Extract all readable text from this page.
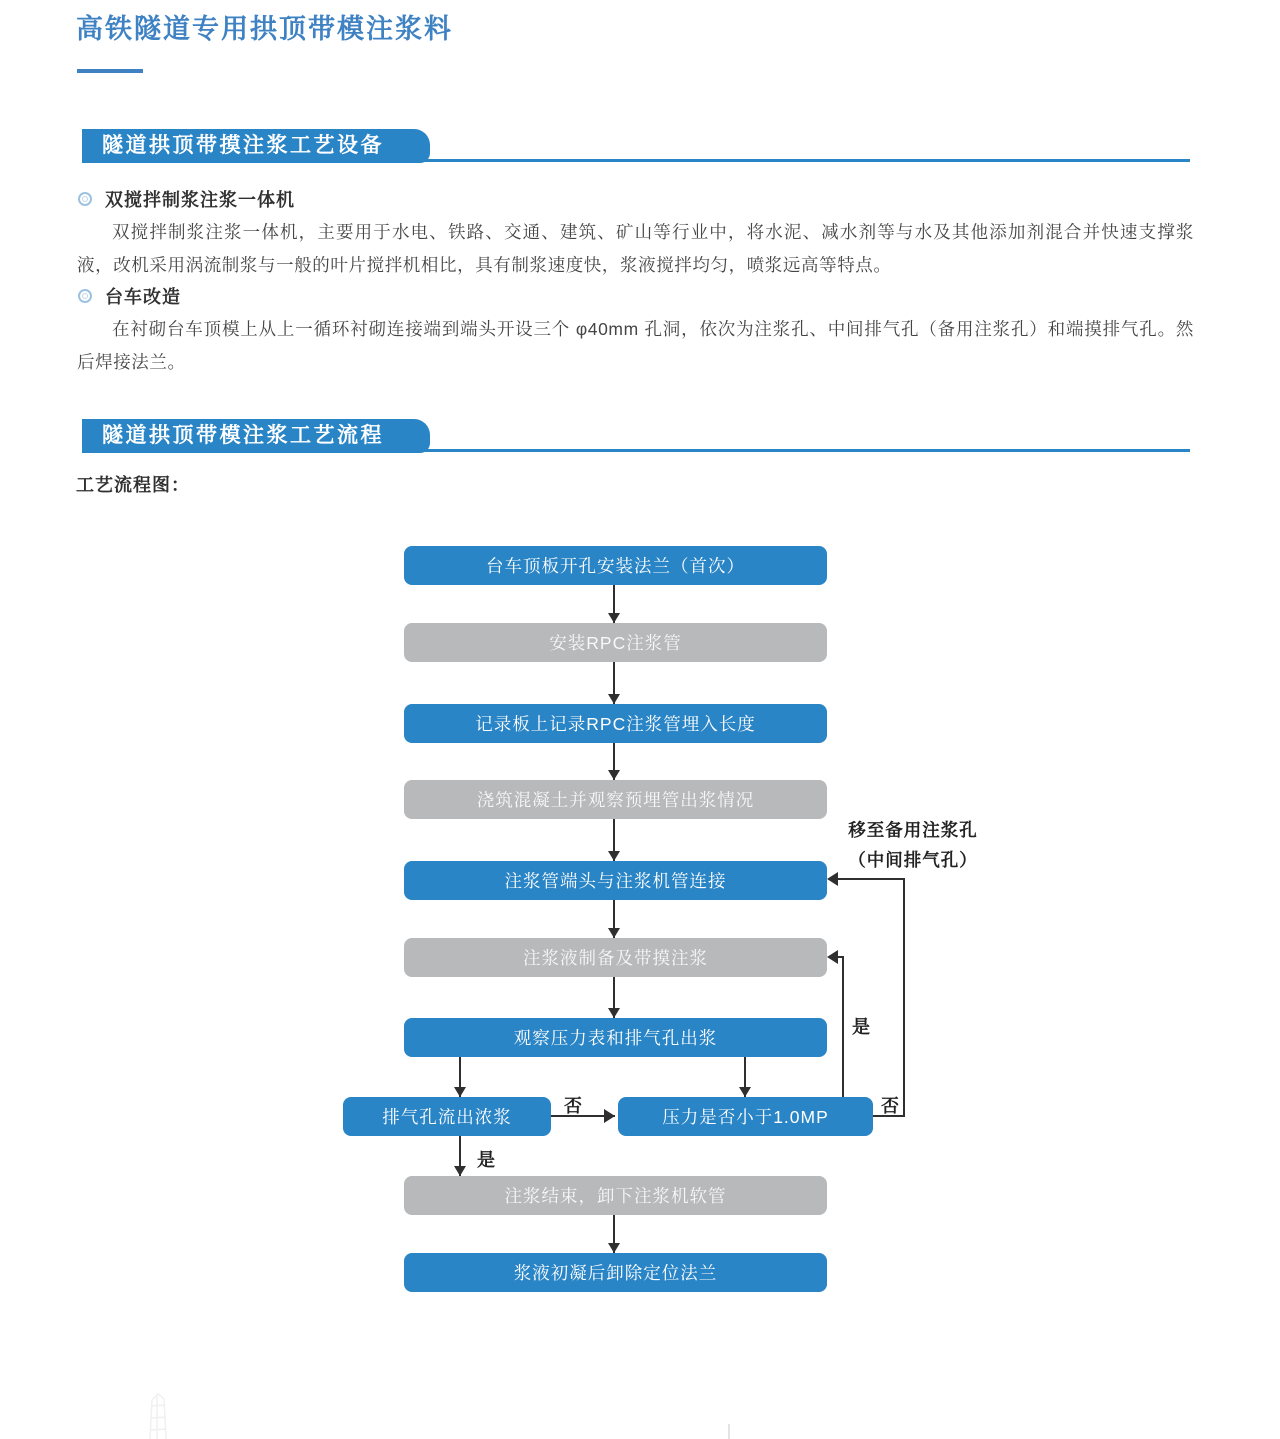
高铁隧道专用拱顶带模注浆料
隧道拱顶带摸注浆工艺设备
双搅拌制浆注浆一体机
双搅拌制浆注浆一体机，主要用于水电、铁路、交通、建筑、矿山等行业中，将水泥、减水剂等与水及其他添加剂混合并快速支撑浆液，改机采用涡流制浆与一般的叶片搅拌机相比，具有制浆速度快，浆液搅拌均匀，喷浆远高等特点。
台车改造
在衬砌台车顶模上从上一循环衬砌连接端到端头开设三个 φ40mm 孔洞，依次为注浆孔、中间排气孔（备用注浆孔）和端摸排气孔。然后焊接法兰。
隧道拱顶带模注浆工艺流程
工艺流程图：
台车顶板开孔安装法兰（首次）
安装RPC注浆管
记录板上记录RPC注浆管埋入长度
浇筑混凝土并观察预埋管出浆情况
注浆管端头与注浆机管连接
注浆液制备及带摸注浆
观察压力表和排气孔出浆
排气孔流出浓浆	压力是否小于1.0MP
注浆结束，卸下注浆机软管
浆液初凝后卸除定位法兰
否
是
是
否
移至备用注浆孔
（中间排气孔）
